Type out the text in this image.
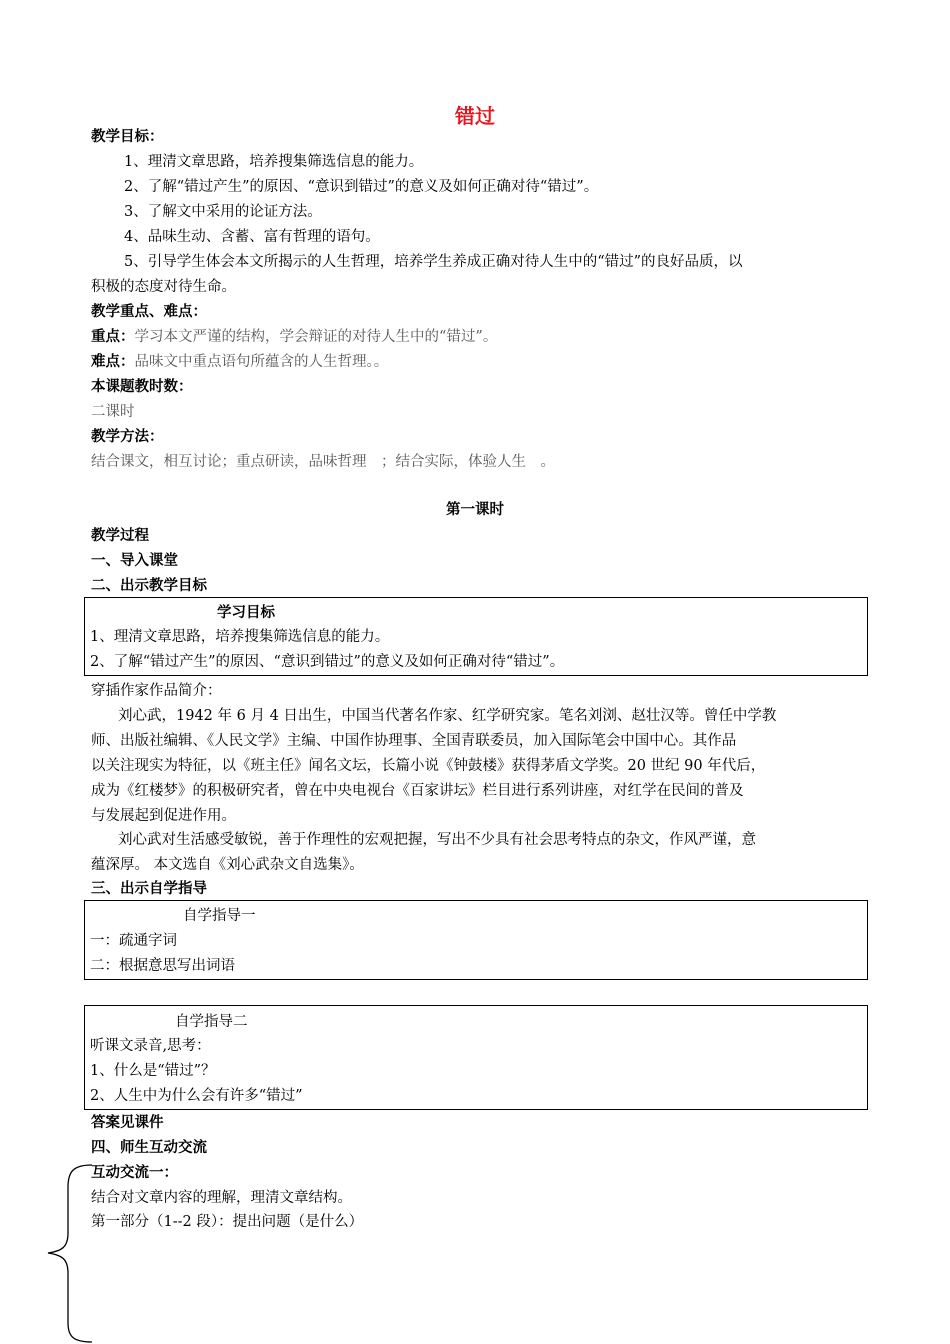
错过
教学目标：
1、理清文章思路，培养搜集筛选信息的能力。
2、了解“错过产生”的原因、“意识到错过”的意义及如何正确对待“错过”。
3、了解文中采用的论证方法。
4、品味生动、含蓄、富有哲理的语句。
5、引导学生体会本文所揭示的人生哲理，培养学生养成正确对待人生中的“错过”的良好品质，以
积极的态度对待生命。
教学重点、难点：
重点：学习本文严谨的结构，学会辩证的对待人生中的“错过”。
难点：品味文中重点语句所蕴含的人生哲理。。
本课题教时数：
二课时
教学方法：
结合课文，相互讨论；重点研读，品味哲理　；结合实际，体验人生　。
第一课时
教学过程
一、导入课堂
二、出示教学目标
学习目标
1、理清文章思路，培养搜集筛选信息的能力。
2、了解“错过产生”的原因、“意识到错过”的意义及如何正确对待“错过”。
穿插作家作品简介：
刘心武，1942 年 6 月 4 日出生，中国当代著名作家、红学研究家。笔名刘浏、赵壮汉等。曾任中学教
师、出版社编辑、《人民文学》主编、中国作协理事、全国青联委员，加入国际笔会中国中心。其作品
以关注现实为特征，以《班主任》闻名文坛，长篇小说《钟鼓楼》获得茅盾文学奖。20 世纪 90 年代后，
成为《红楼梦》的积极研究者，曾在中央电视台《百家讲坛》栏目进行系列讲座，对红学在民间的普及
与发展起到促进作用。
刘心武对生活感受敏锐，善于作理性的宏观把握，写出不少具有社会思考特点的杂文，作风严谨，意
蕴深厚。 本文选自《刘心武杂文自选集》。
三、出示自学指导
自学指导一
一：疏通字词
二：根据意思写出词语
自学指导二
听课文录音,思考：
1、什么是“错过”？
2、人生中为什么会有许多“错过”
答案见课件
四、师生互动交流
互动交流一：
结合对文章内容的理解，理清文章结构。
第一部分（1--2 段）：提出问题（是什么）
